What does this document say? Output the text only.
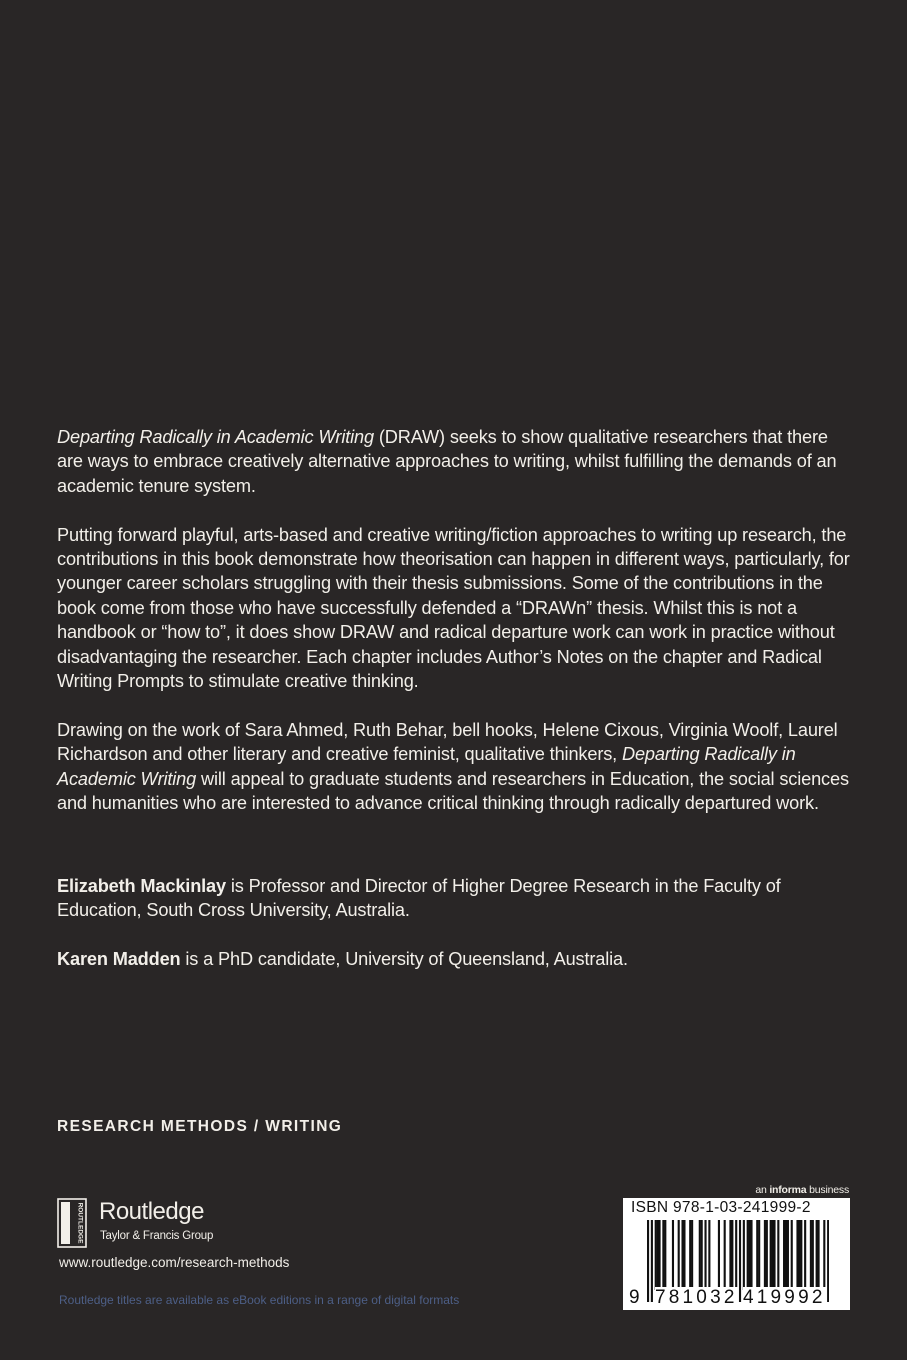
Departing Radically in Academic Writing (DRAW) seeks to show qualitative researchers that there are ways to embrace creatively alternative approaches to writing, whilst fulfilling the demands of an academic tenure system.

Putting forward playful, arts-based and creative writing/fiction approaches to writing up research, the contributions in this book demonstrate how theorisation can happen in different ways, particularly, for younger career scholars struggling with their thesis submissions. Some of the contributions in the book come from those who have successfully defended a “DRAWn” thesis. Whilst this is not a handbook or “how to”, it does show DRAW and radical departure work can work in practice without disadvantaging the researcher. Each chapter includes Author’s Notes on the chapter and Radical Writing Prompts to stimulate creative thinking.

Drawing on the work of Sara Ahmed, Ruth Behar, bell hooks, Helene Cixous, Virginia Woolf, Laurel Richardson and other literary and creative feminist, qualitative thinkers, Departing Radically in Academic Writing will appeal to graduate students and researchers in Education, the social sciences and humanities who are interested to advance critical thinking through radically departured work.

Elizabeth Mackinlay is Professor and Director of Higher Degree Research in the Faculty of Education, South Cross University, Australia.

Karen Madden is a PhD candidate, University of Queensland, Australia.

RESEARCH METHODS / WRITING
ROUTLEDGE Routledge
Taylor & Francis Group
www.routledge.com/research-methods
Routledge titles are available as eBook editions in a range of digital formats
an informa business
ISBN 978-1-03-241999-2
9 781032 419992
